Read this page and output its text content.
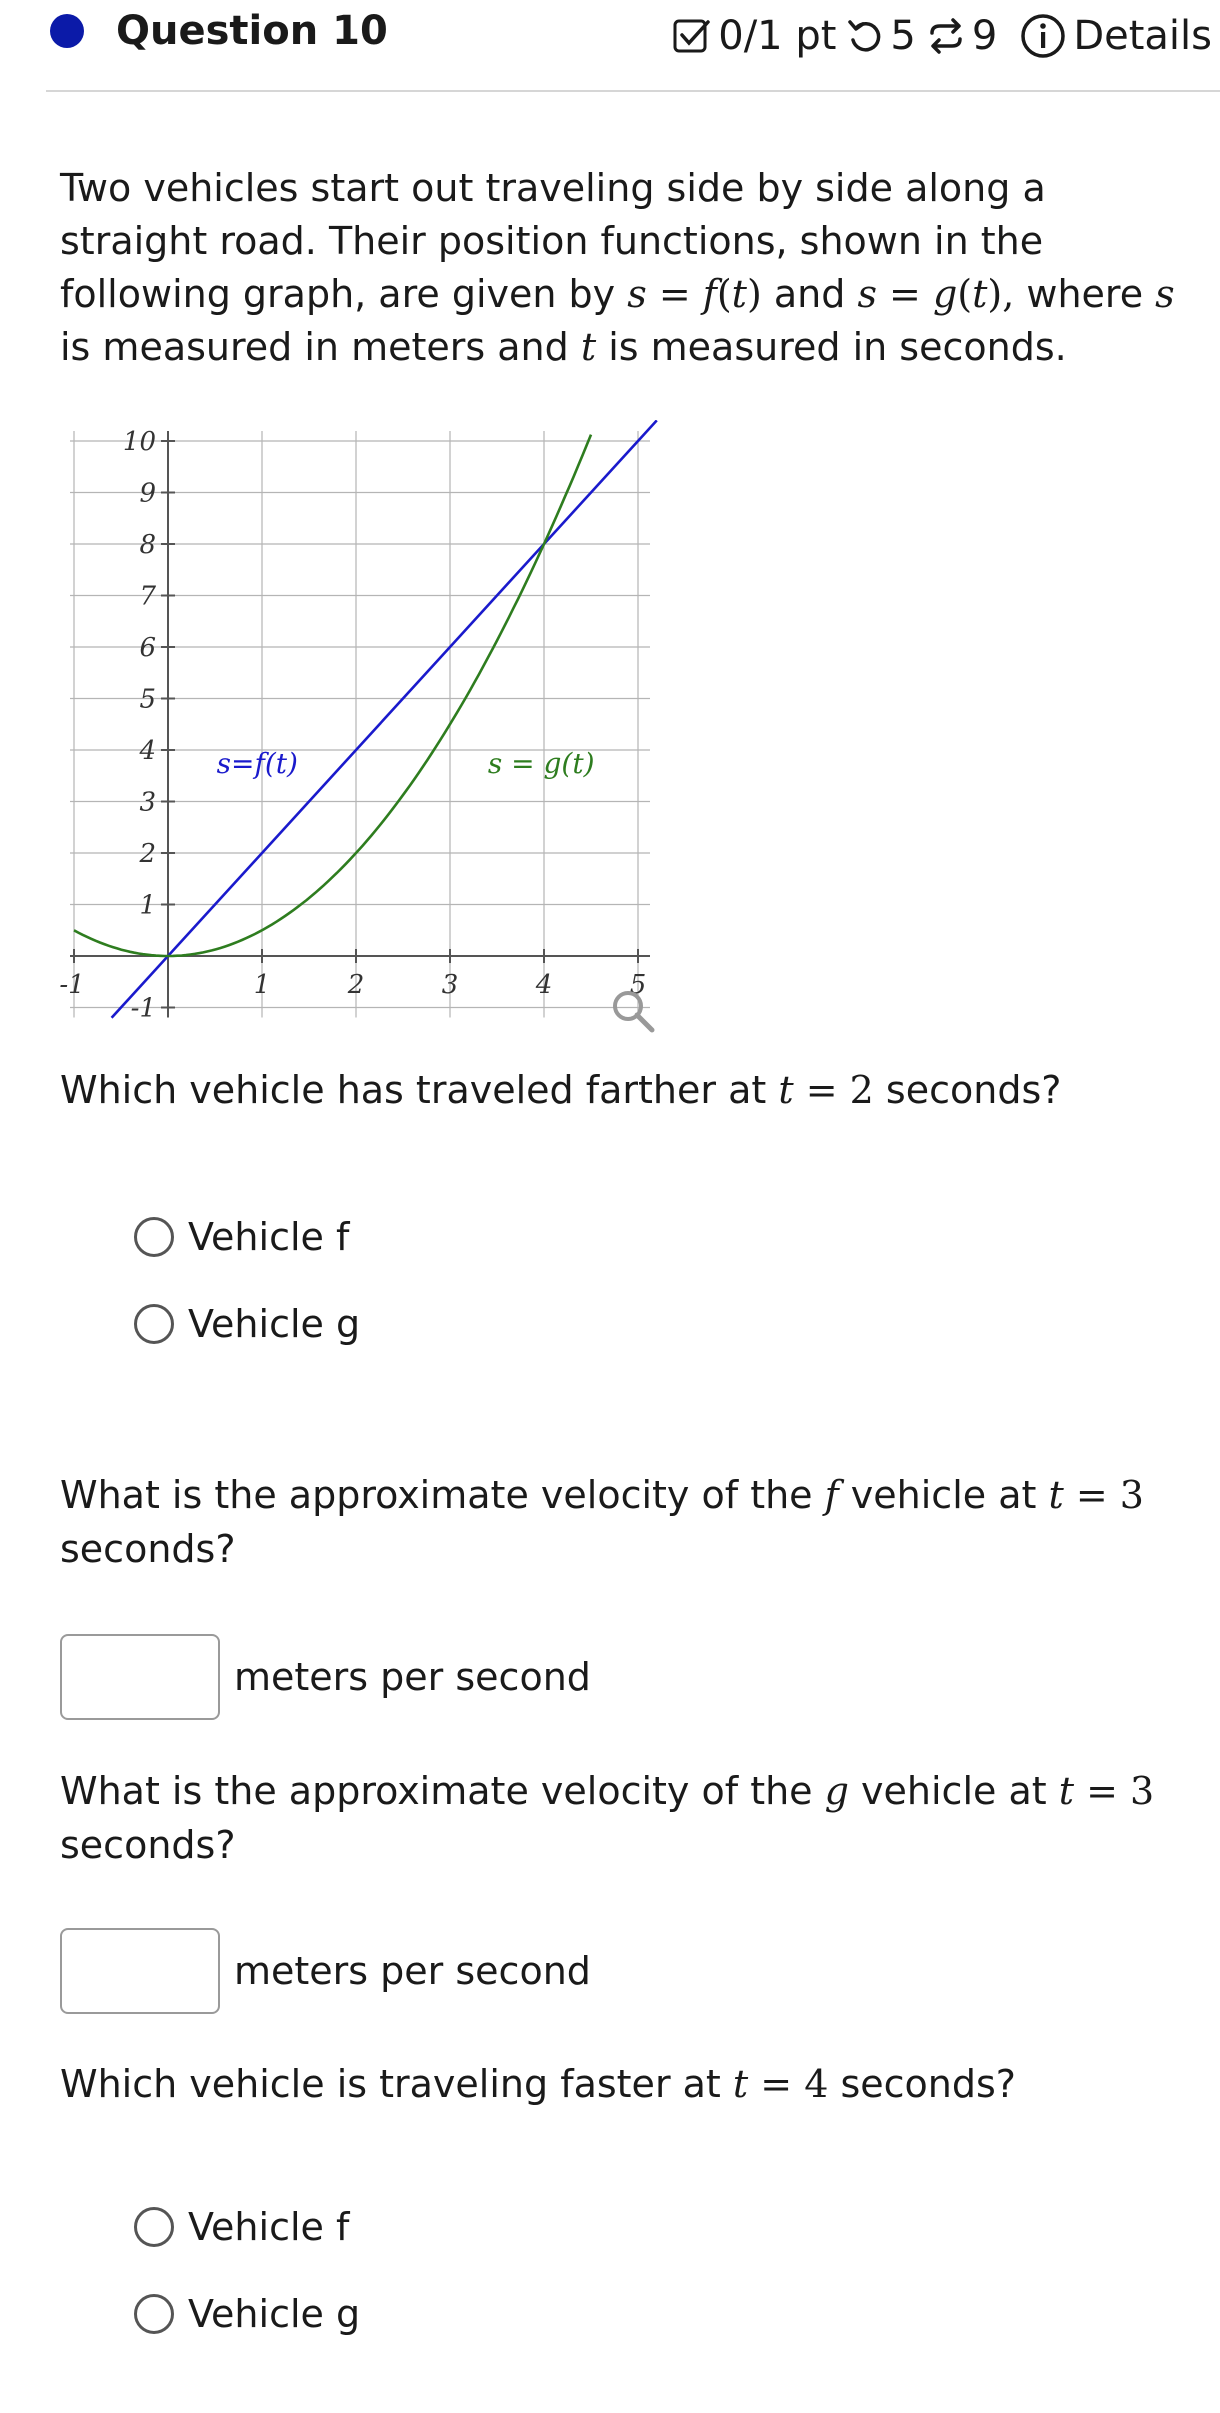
Question 10	0/1 pt 5 9 Details
Two vehicles start out traveling side by side along a straight road. Their position functions, shown in the following graph, are given by s = f(t) and s = g(t), where s is measured in meters and t is measured in seconds.
-1	1	2	3	4	5
-1
1
2
3
4
5
6
7
8
9
10
s=f(t)	s = g(t)
Which vehicle has traveled farther at t = 2 seconds?
Vehicle f
Vehicle g
What is the approximate velocity of the f vehicle at t = 3
seconds?
meters per second
What is the approximate velocity of the g vehicle at t = 3
seconds?
meters per second
Which vehicle is traveling faster at t = 4 seconds?
Vehicle f
Vehicle g
